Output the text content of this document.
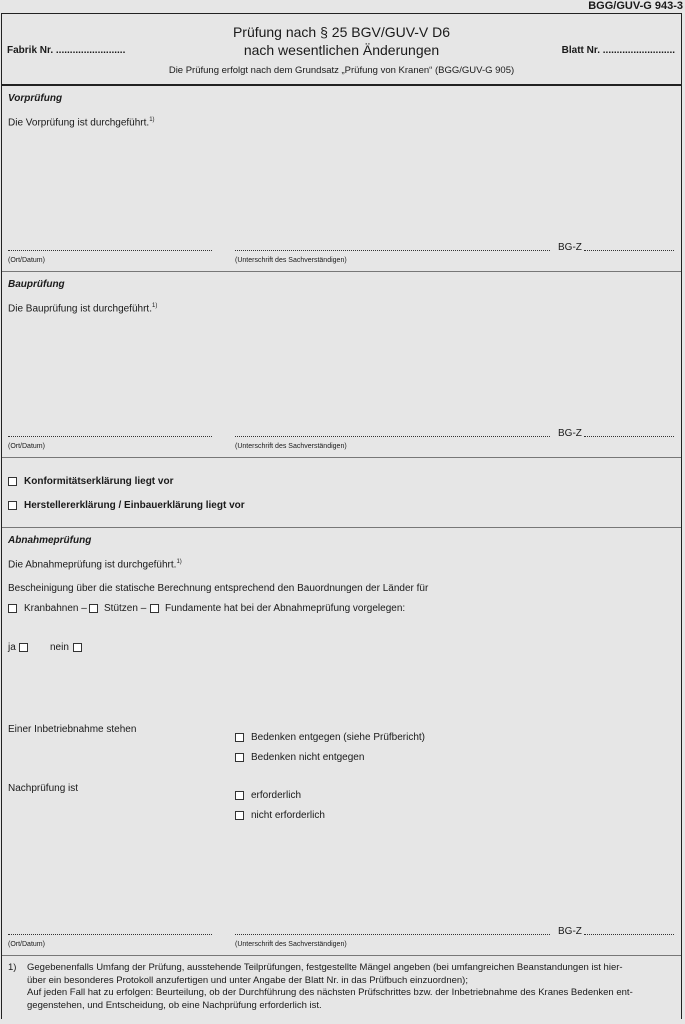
BGG/GUV-G 943-3
Prüfung nach § 25 BGV/GUV-V D6
nach wesentlichen Änderungen
Fabrik Nr. .........................	Blatt Nr. ..........................
Die Prüfung erfolgt nach dem Grundsatz „Prüfung von Kranen“ (BGG/GUV-G 905)
Vorprüfung
Die Vorprüfung ist durchgeführt.$^{1)}$
BG-Z
(Ort/Datum)	(Unterschrift des Sachverständigen)
Bauprüfung
Die Bauprüfung ist durchgeführt.$^{1)}$
BG-Z
(Ort/Datum)	(Unterschrift des Sachverständigen)
Konformitätserklärung liegt vor
Herstellererklärung / Einbauerklärung liegt vor
Abnahmeprüfung
Die Abnahmeprüfung ist durchgeführt.$^{1)}$
Bescheinigung über die statische Berechnung entsprechend den Bauordnungen der Länder für
Kranbahnen – Stützen – Fundamente hat bei der Abnahmeprüfung vorgelegen:
ja	nein
Einer Inbetriebnahme stehen
Bedenken entgegen (siehe Prüfbericht)
Bedenken nicht entgegen
Nachprüfung ist
erforderlich
nicht erforderlich
BG-Z
(Ort/Datum)	(Unterschrift des Sachverständigen)
1) Gegebenenfalls Umfang der Prüfung, ausstehende Teilprüfungen, festgestellte Mängel angeben (bei umfangreichen Beanstandungen ist hier-
über ein besonderes Protokoll anzufertigen und unter Angabe der Blatt Nr. in das Prüfbuch einzuordnen);
Auf jeden Fall hat zu erfolgen: Beurteilung, ob der Durchführung des nächsten Prüfschrittes bzw. der Inbetriebnahme des Kranes Bedenken ent-
gegenstehen, und Entscheidung, ob eine Nachprüfung erforderlich ist.
